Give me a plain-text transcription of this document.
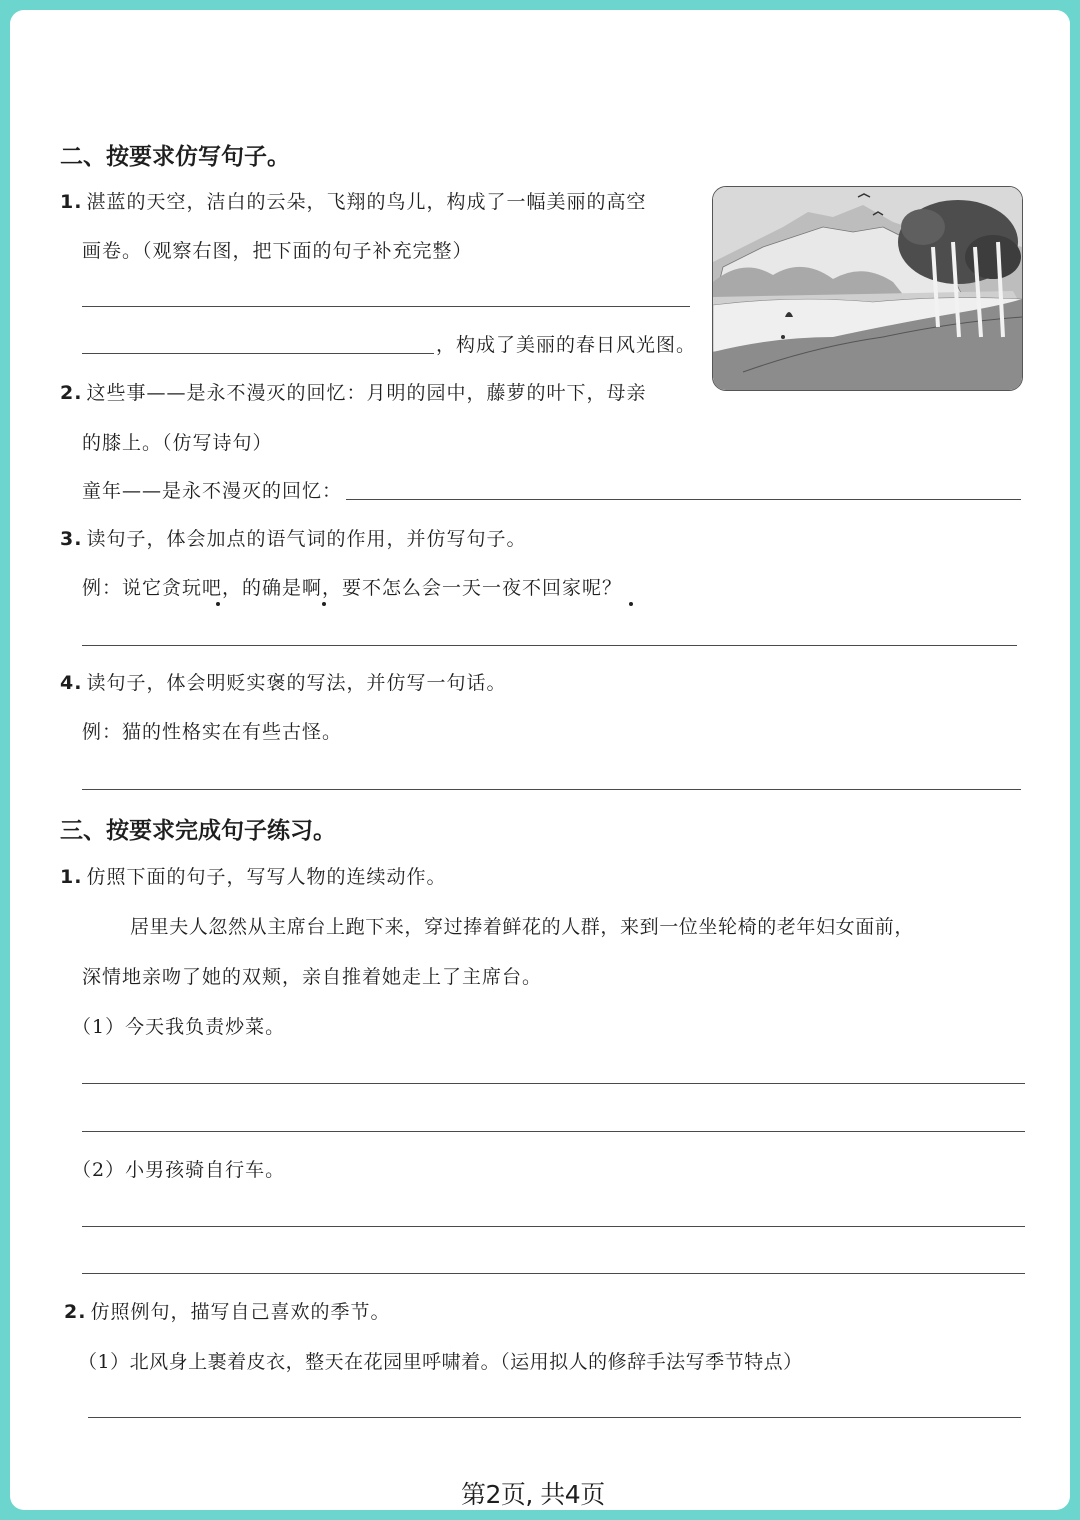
二、按要求仿写句子。
1. 湛蓝的天空，洁白的云朵，飞翔的鸟儿，构成了一幅美丽的高空
画卷。（观察右图，把下面的句子补充完整）
，构成了美丽的春日风光图。
2. 这些事——是永不漫灭的回忆：月明的园中，藤萝的叶下，母亲
的膝上。（仿写诗句）
童年——是永不漫灭的回忆：
3. 读句子，体会加点的语气词的作用，并仿写句子。
例：说它贪玩吧，的确是啊，要不怎么会一天一夜不回家呢？
4. 读句子，体会明贬实褒的写法，并仿写一句话。
例：猫的性格实在有些古怪。
三、按要求完成句子练习。
1. 仿照下面的句子，写写人物的连续动作。
居里夫人忽然从主席台上跑下来，穿过捧着鲜花的人群，来到一位坐轮椅的老年妇女面前，
深情地亲吻了她的双颊，亲自推着她走上了主席台。
（1）今天我负责炒菜。
（2）小男孩骑自行车。
2. 仿照例句，描写自己喜欢的季节。
（1）北风身上裹着皮衣，整天在花园里呼啸着。（运用拟人的修辞手法写季节特点）
第2页, 共4页
